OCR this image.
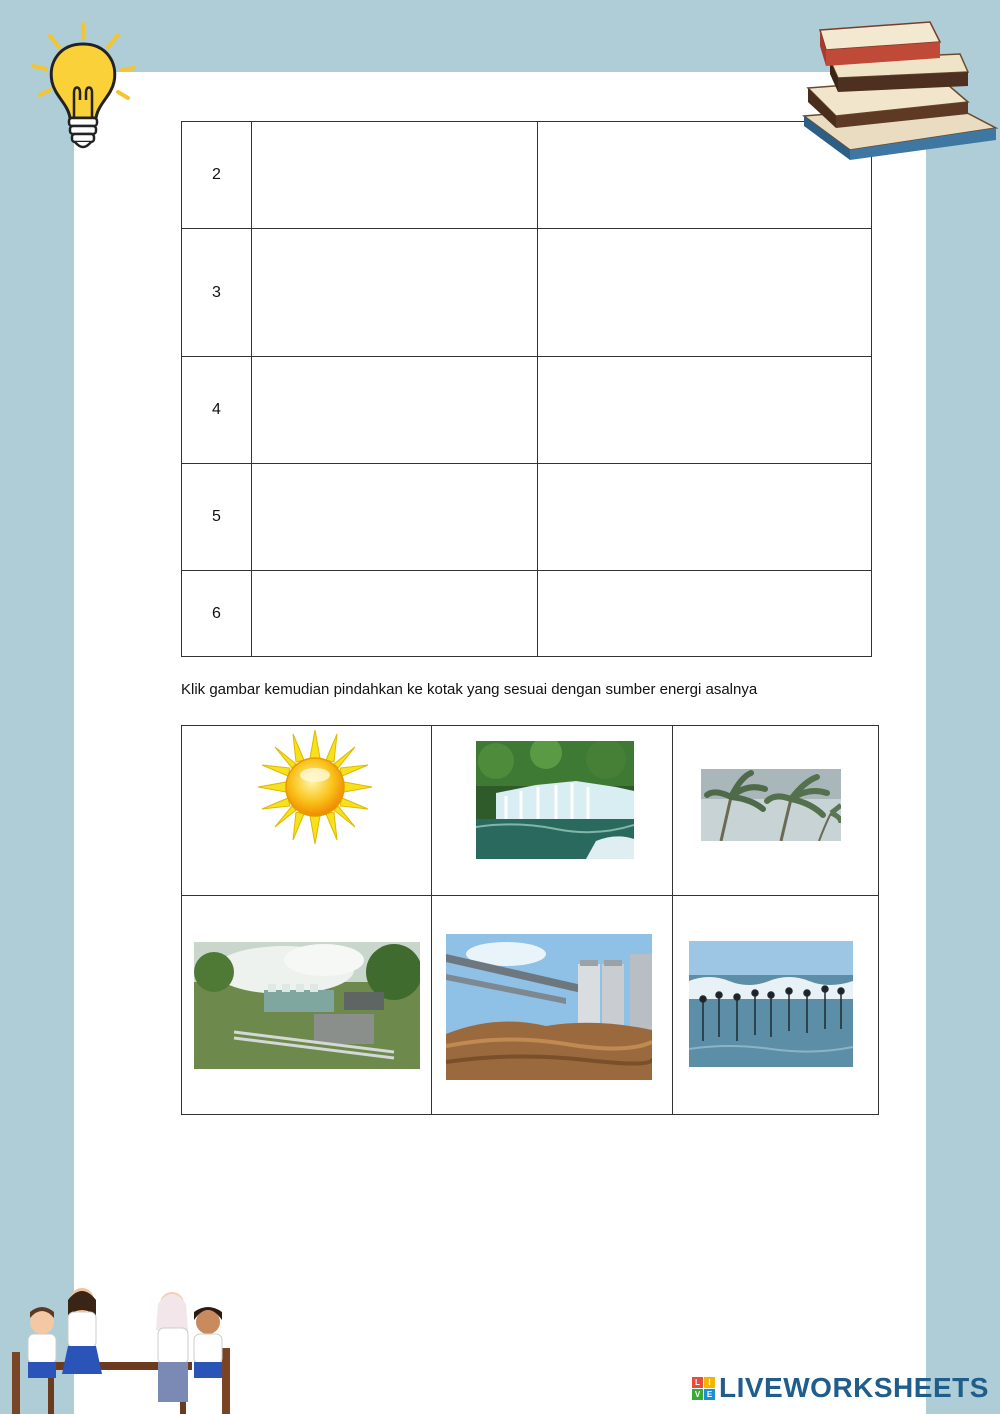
2		
3		
4		
5		
6		
Klik gambar kemudian pindahkan ke kotak yang sesuai dengan sumber energi asalnya

L	I
V E LIVEWORKSHEETS
